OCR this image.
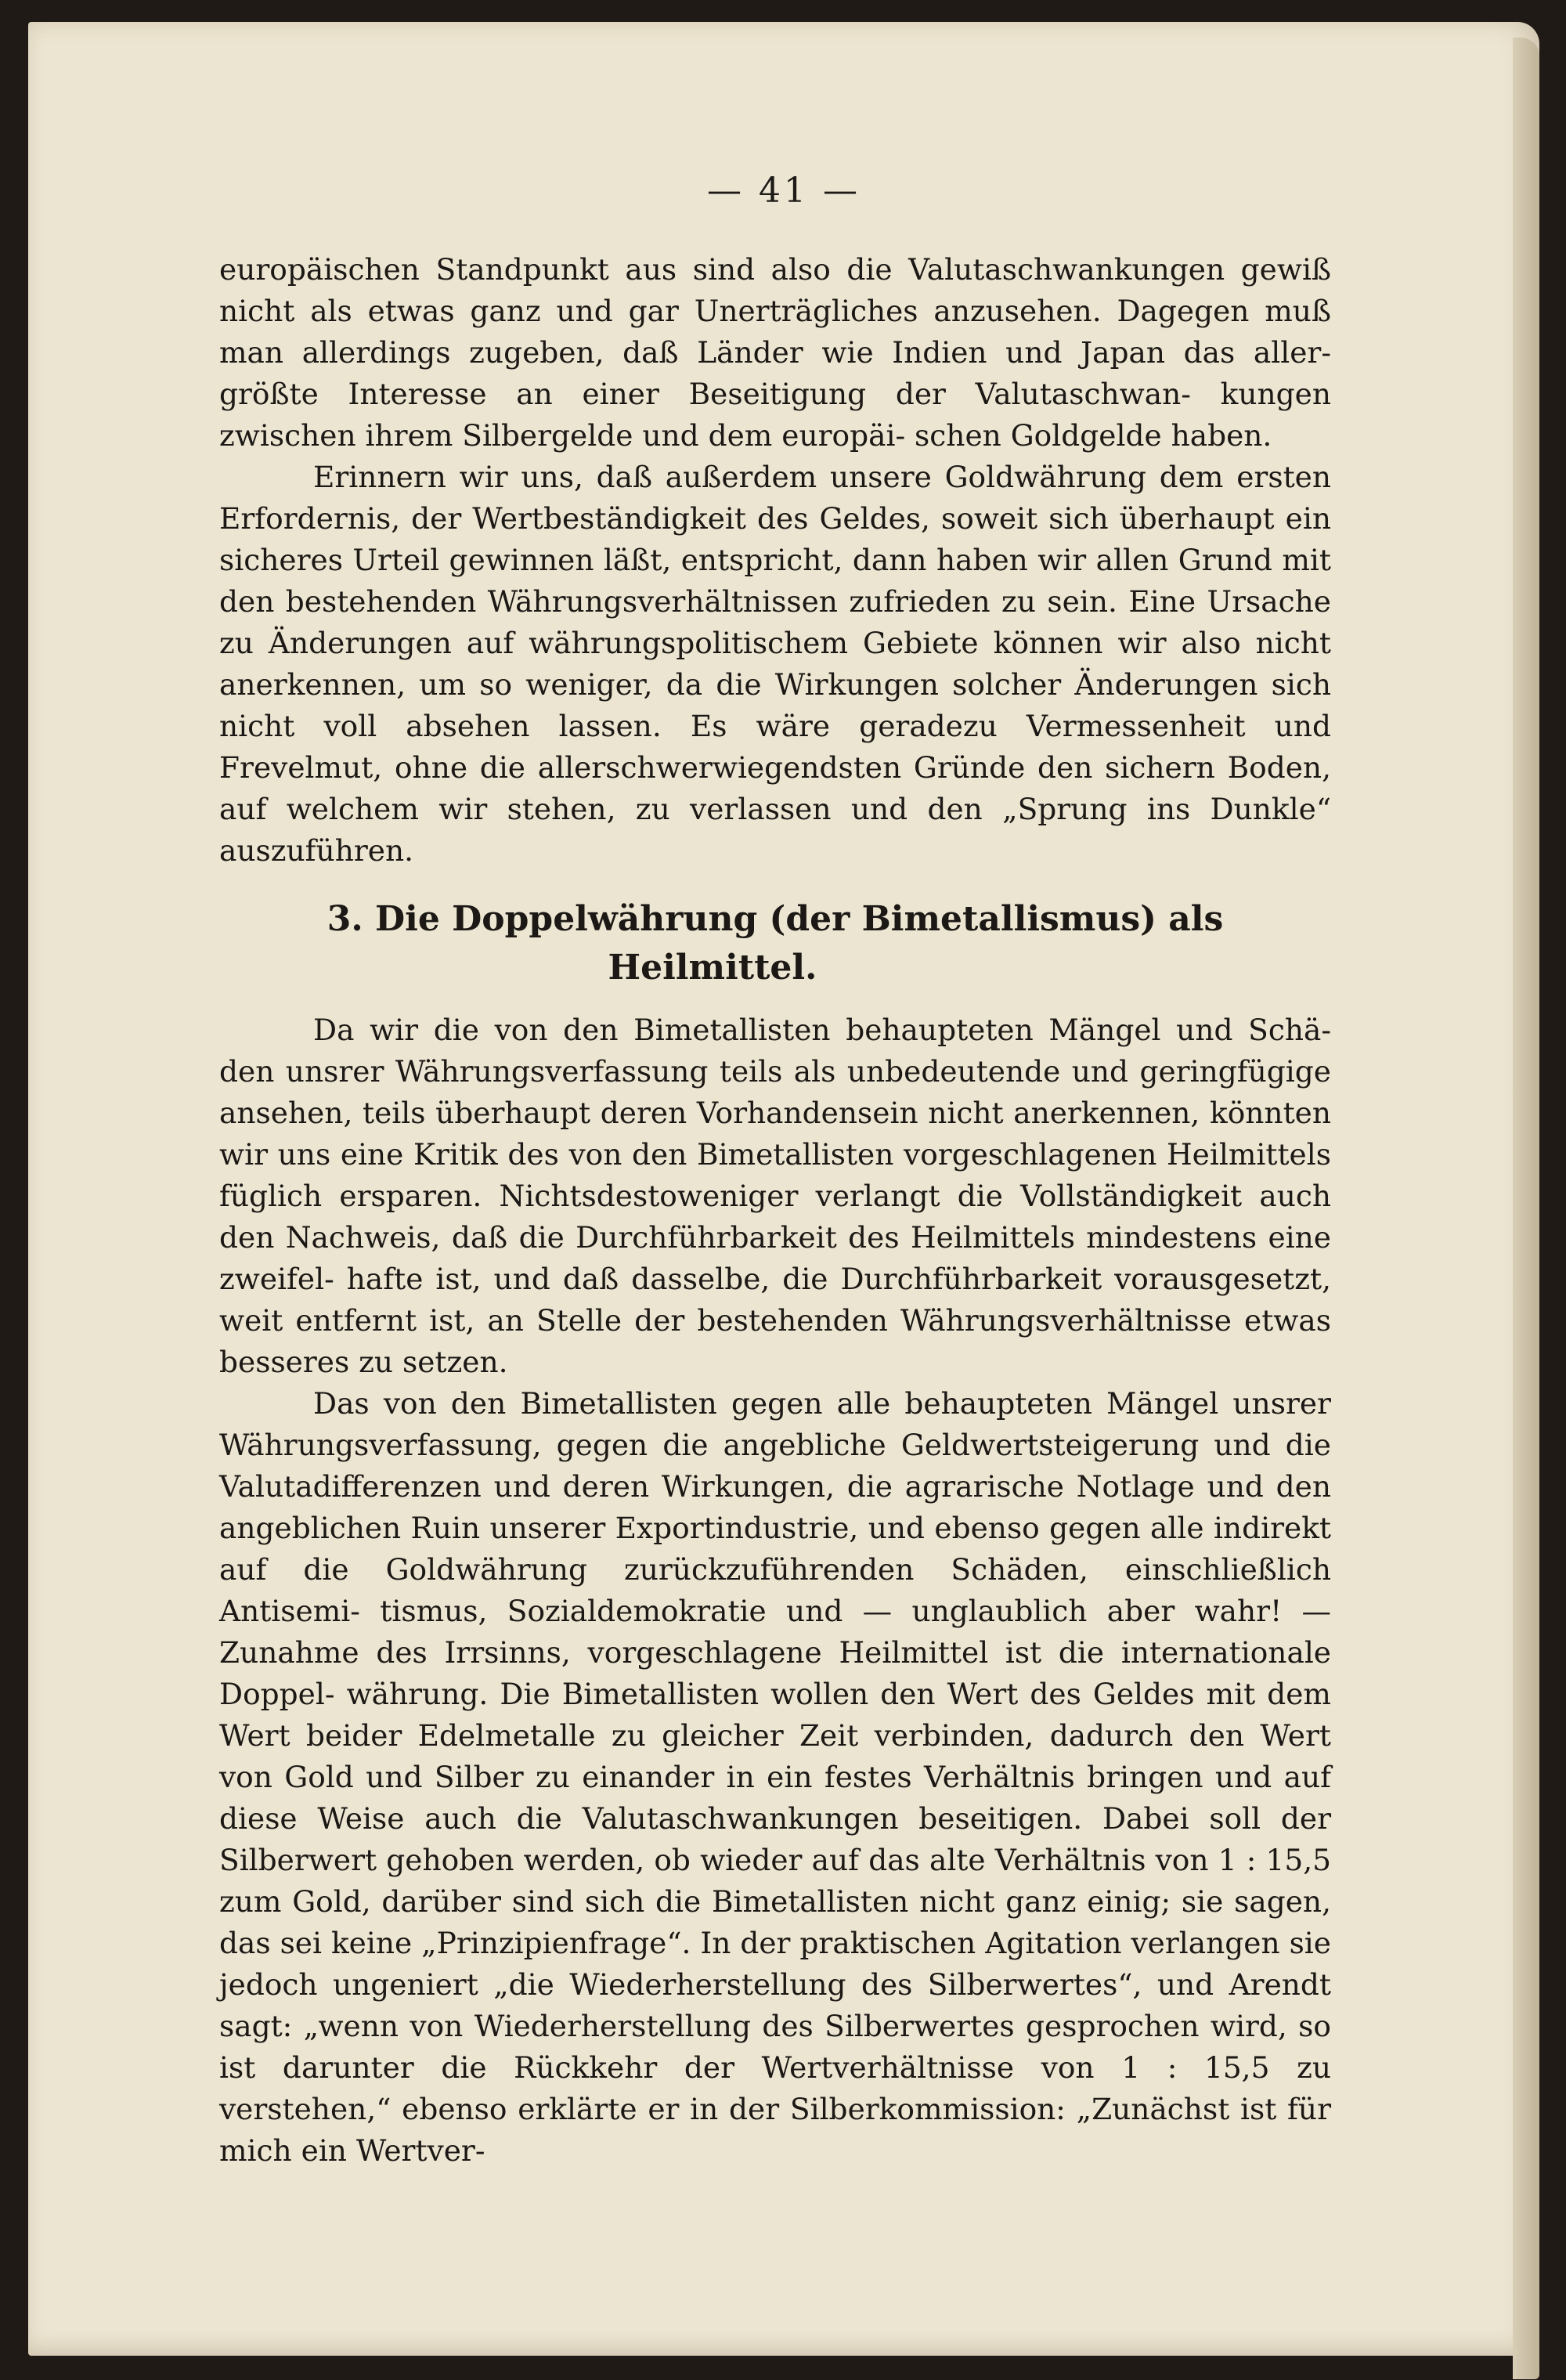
— 41 —

europäischen Standpunkt aus sind also die Valutaschwankungen gewiß nicht als etwas ganz und gar Unerträgliches anzusehen. Dagegen muß man allerdings zugeben, daß Länder wie Indien und Japan das aller- größte Interesse an einer Beseitigung der Valutaschwan- kungen zwischen ihrem Silbergelde und dem europäi- schen Goldgelde haben.

Erinnern wir uns, daß außerdem unsere Goldwährung dem ersten Erfordernis, der Wertbeständigkeit des Geldes, soweit sich überhaupt ein sicheres Urteil gewinnen läßt, entspricht, dann haben wir allen Grund mit den bestehenden Währungsverhältnissen zufrieden zu sein. Eine Ursache zu Änderungen auf währungspolitischem Gebiete können wir also nicht anerkennen, um so weniger, da die Wirkungen solcher Änderungen sich nicht voll absehen lassen. Es wäre geradezu Vermessenheit und Frevelmut, ohne die allerschwerwiegendsten Gründe den sichern Boden, auf welchem wir stehen, zu verlassen und den „Sprung ins Dunkle“ auszuführen.

3. Die Doppelwährung (der Bimetallismus) als
Heilmittel.

Da wir die von den Bimetallisten behaupteten Mängel und Schä- den unsrer Währungsverfassung teils als unbedeutende und geringfügige ansehen, teils überhaupt deren Vorhandensein nicht anerkennen, könnten wir uns eine Kritik des von den Bimetallisten vorgeschlagenen Heilmittels füglich ersparen. Nichtsdestoweniger verlangt die Vollständigkeit auch den Nachweis, daß die Durchführbarkeit des Heilmittels mindestens eine zweifel- hafte ist, und daß dasselbe, die Durchführbarkeit vorausgesetzt, weit entfernt ist, an Stelle der bestehenden Währungsverhältnisse etwas besseres zu setzen.

Das von den Bimetallisten gegen alle behaupteten Mängel unsrer Währungsverfassung, gegen die angebliche Geldwertsteigerung und die Valutadifferenzen und deren Wirkungen, die agrarische Notlage und den angeblichen Ruin unserer Exportindustrie, und ebenso gegen alle indirekt auf die Goldwährung zurückzuführenden Schäden, einschließlich Antisemi- tismus, Sozialdemokratie und — unglaublich aber wahr! — Zunahme des Irrsinns, vorgeschlagene Heilmittel ist die internationale Doppel- währung. Die Bimetallisten wollen den Wert des Geldes mit dem Wert beider Edelmetalle zu gleicher Zeit verbinden, dadurch den Wert von Gold und Silber zu einander in ein festes Verhältnis bringen und auf diese Weise auch die Valutaschwankungen beseitigen. Dabei soll der Silberwert gehoben werden, ob wieder auf das alte Verhältnis von 1 : 15,5 zum Gold, darüber sind sich die Bimetallisten nicht ganz einig; sie sagen, das sei keine „Prinzipienfrage“. In der praktischen Agitation verlangen sie jedoch ungeniert „die Wiederherstellung des Silberwertes“, und Arendt sagt: „wenn von Wiederherstellung des Silberwertes gesprochen wird, so ist darunter die Rückkehr der Wertverhältnisse von 1 : 15,5 zu verstehen,“ ebenso erklärte er in der Silberkommission: „Zunächst ist für mich ein Wertver-
